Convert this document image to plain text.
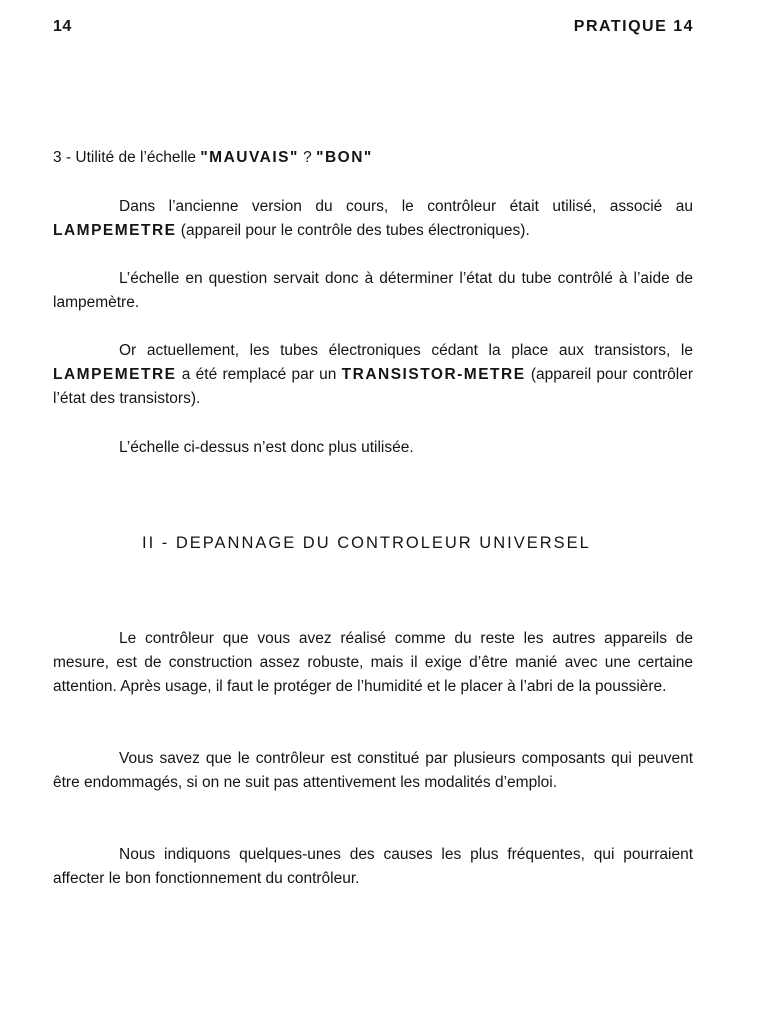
14	PRATIQUE 14
3 - Utilité de l’échelle "MAUVAIS" ? "BON"
Dans l’ancienne version du cours, le contrôleur était utilisé, associé au LAMPEMETRE (appareil pour le contrôle des tubes électroniques).
L’échelle en question servait donc à déterminer l’état du tube contrôlé à l’aide de lampemètre.
Or actuellement, les tubes électroniques cédant la place aux transistors, le LAMPEMETRE a été remplacé par un TRANSISTOR-METRE (appareil pour contrôler l’état des transistors).
L’échelle ci-dessus n’est donc plus utilisée.
II - DEPANNAGE DU CONTROLEUR UNIVERSEL
Le contrôleur que vous avez réalisé comme du reste les autres appareils de mesure, est de construction assez robuste, mais il exige d’être manié avec une certaine attention. Après usage, il faut le protéger de l’humidité et le placer à l’abri de la poussière.
Vous savez que le contrôleur est constitué par plusieurs composants qui peuvent être endommagés, si on ne suit pas attentivement les modalités d’emploi.
Nous indiquons quelques-unes des causes les plus fréquentes, qui pourraient affecter le bon fonctionnement du contrôleur.
